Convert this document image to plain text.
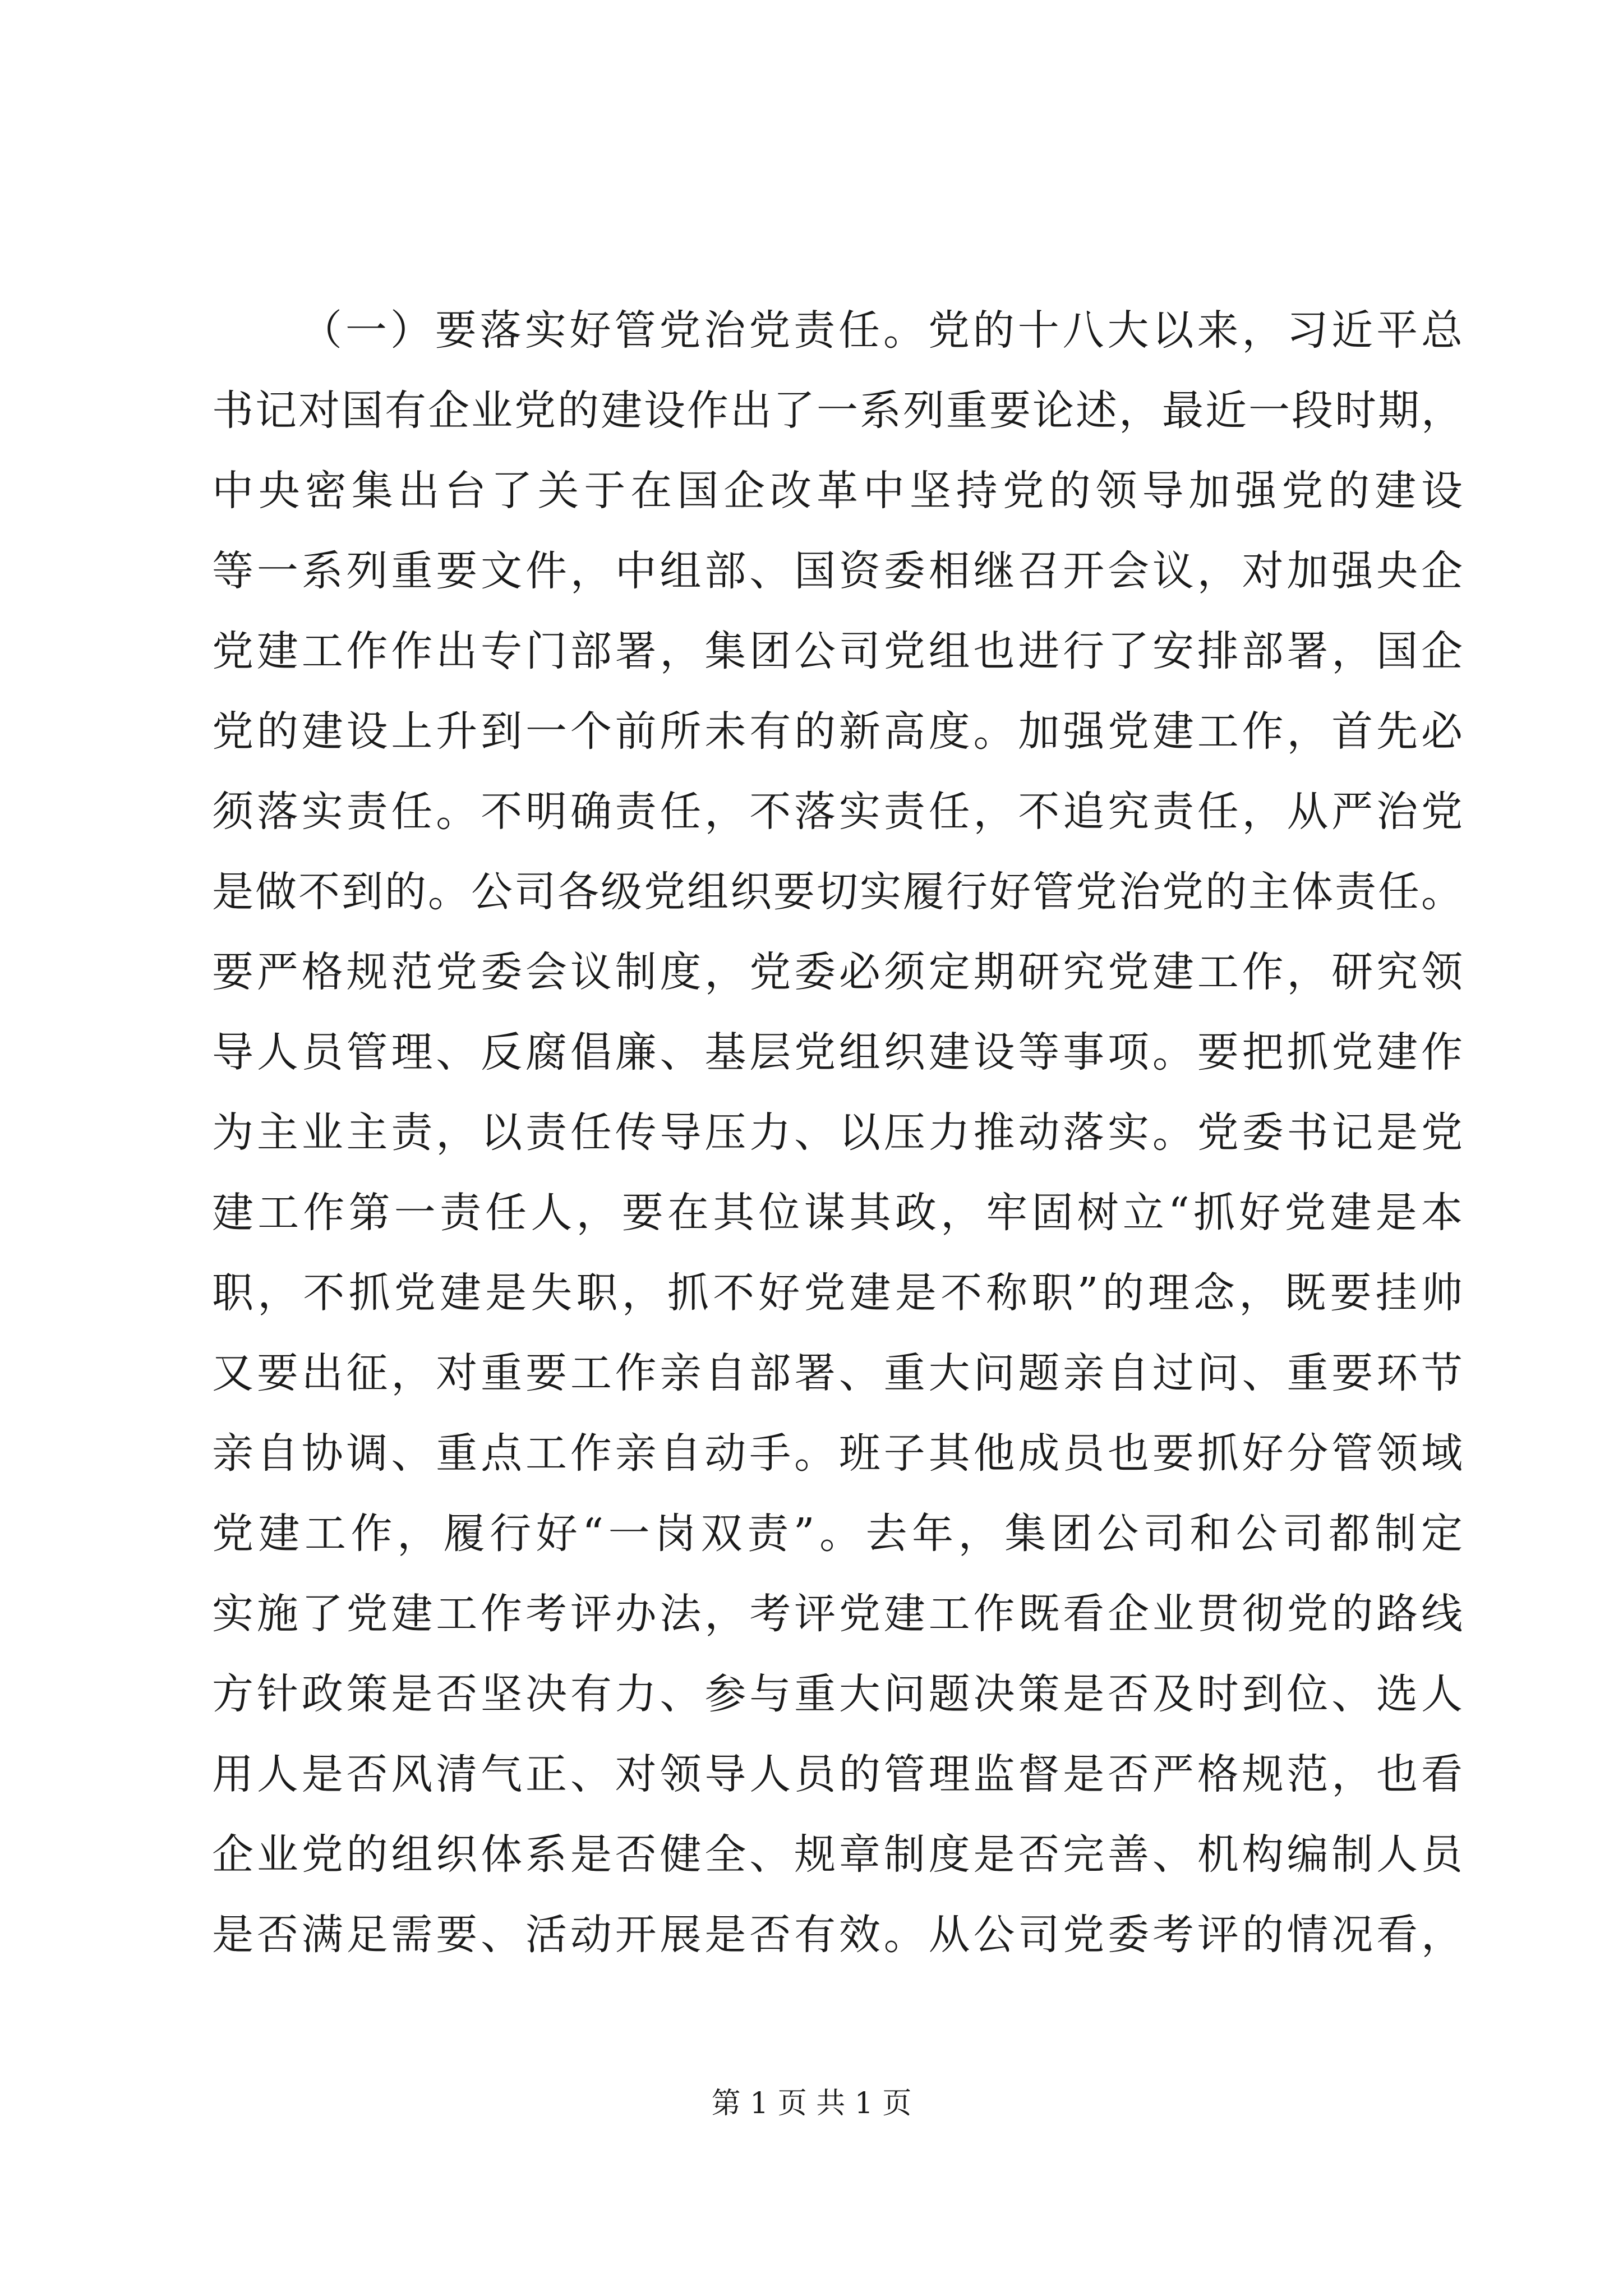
（一）要落实好管党治党责任。党的十八大以来，习近平总
书记对国有企业党的建设作出了一系列重要论述，最近一段时期，
中央密集出台了关于在国企改革中坚持党的领导加强党的建设
等一系列重要文件，中组部、国资委相继召开会议，对加强央企
党建工作作出专门部署，集团公司党组也进行了安排部署，国企
党的建设上升到一个前所未有的新高度。加强党建工作，首先必
须落实责任。不明确责任，不落实责任，不追究责任，从严治党
是做不到的。公司各级党组织要切实履行好管党治党的主体责任。
要严格规范党委会议制度，党委必须定期研究党建工作，研究领
导人员管理、反腐倡廉、基层党组织建设等事项。要把抓党建作
为主业主责，以责任传导压力、以压力推动落实。党委书记是党
建工作第一责任人，要在其位谋其政，牢固树立“抓好党建是本
职，不抓党建是失职，抓不好党建是不称职”的理念，既要挂帅
又要出征，对重要工作亲自部署、重大问题亲自过问、重要环节
亲自协调、重点工作亲自动手。班子其他成员也要抓好分管领域
党建工作，履行好“一岗双责”。去年，集团公司和公司都制定
实施了党建工作考评办法，考评党建工作既看企业贯彻党的路线
方针政策是否坚决有力、参与重大问题决策是否及时到位、选人
用人是否风清气正、对领导人员的管理监督是否严格规范，也看
企业党的组织体系是否健全、规章制度是否完善、机构编制人员
是否满足需要、活动开展是否有效。从公司党委考评的情况看，
第 1 页 共 1 页
